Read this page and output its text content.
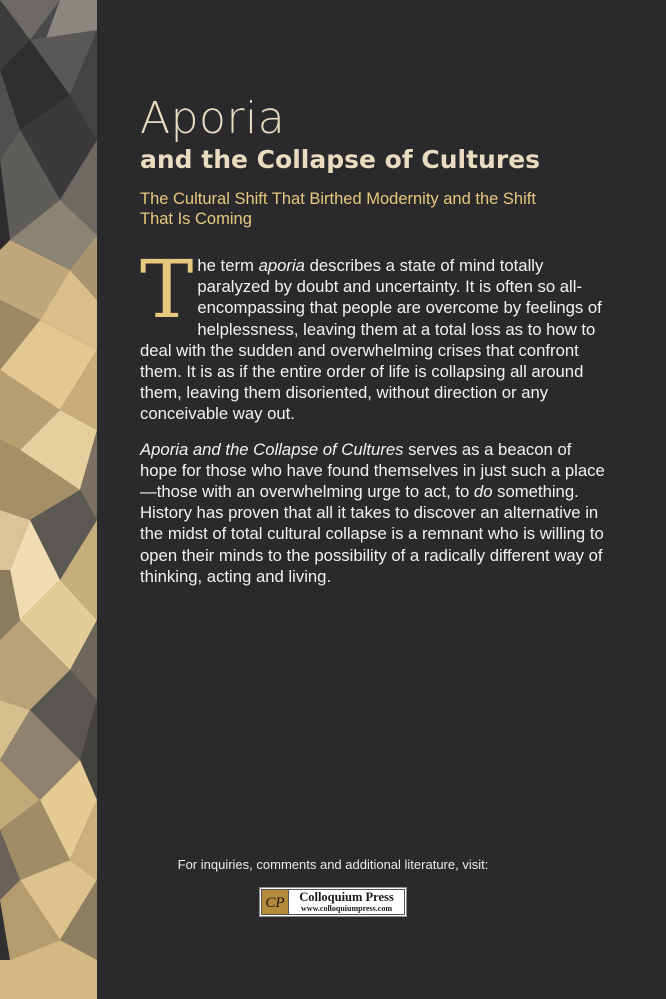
Aporia
and the Collapse of Cultures

The Cultural Shift That Birthed Modernity and the Shift That Is Coming

The term aporia describes a state of mind totally paralyzed by doubt and uncertainty. It is often so all-encompassing that people are overcome by feelings of helplessness, leaving them at a total loss as to how to deal with the sudden and overwhelming crises that confront them. It is as if the entire order of life is collapsing all around them, leaving them disoriented, without direction or any conceivable way out.

Aporia and the Collapse of Cultures serves as a beacon of hope for those who have found themselves in just such a place—those with an overwhelming urge to act, to do something. History has proven that all it takes to discover an alternative in the midst of total cultural collapse is a remnant who is willing to open their minds to the possibility of a radically different way of thinking, acting and living.

For inquiries, comments and additional literature, visit:
CP Colloquium Press
www.colloquiumpress.com
